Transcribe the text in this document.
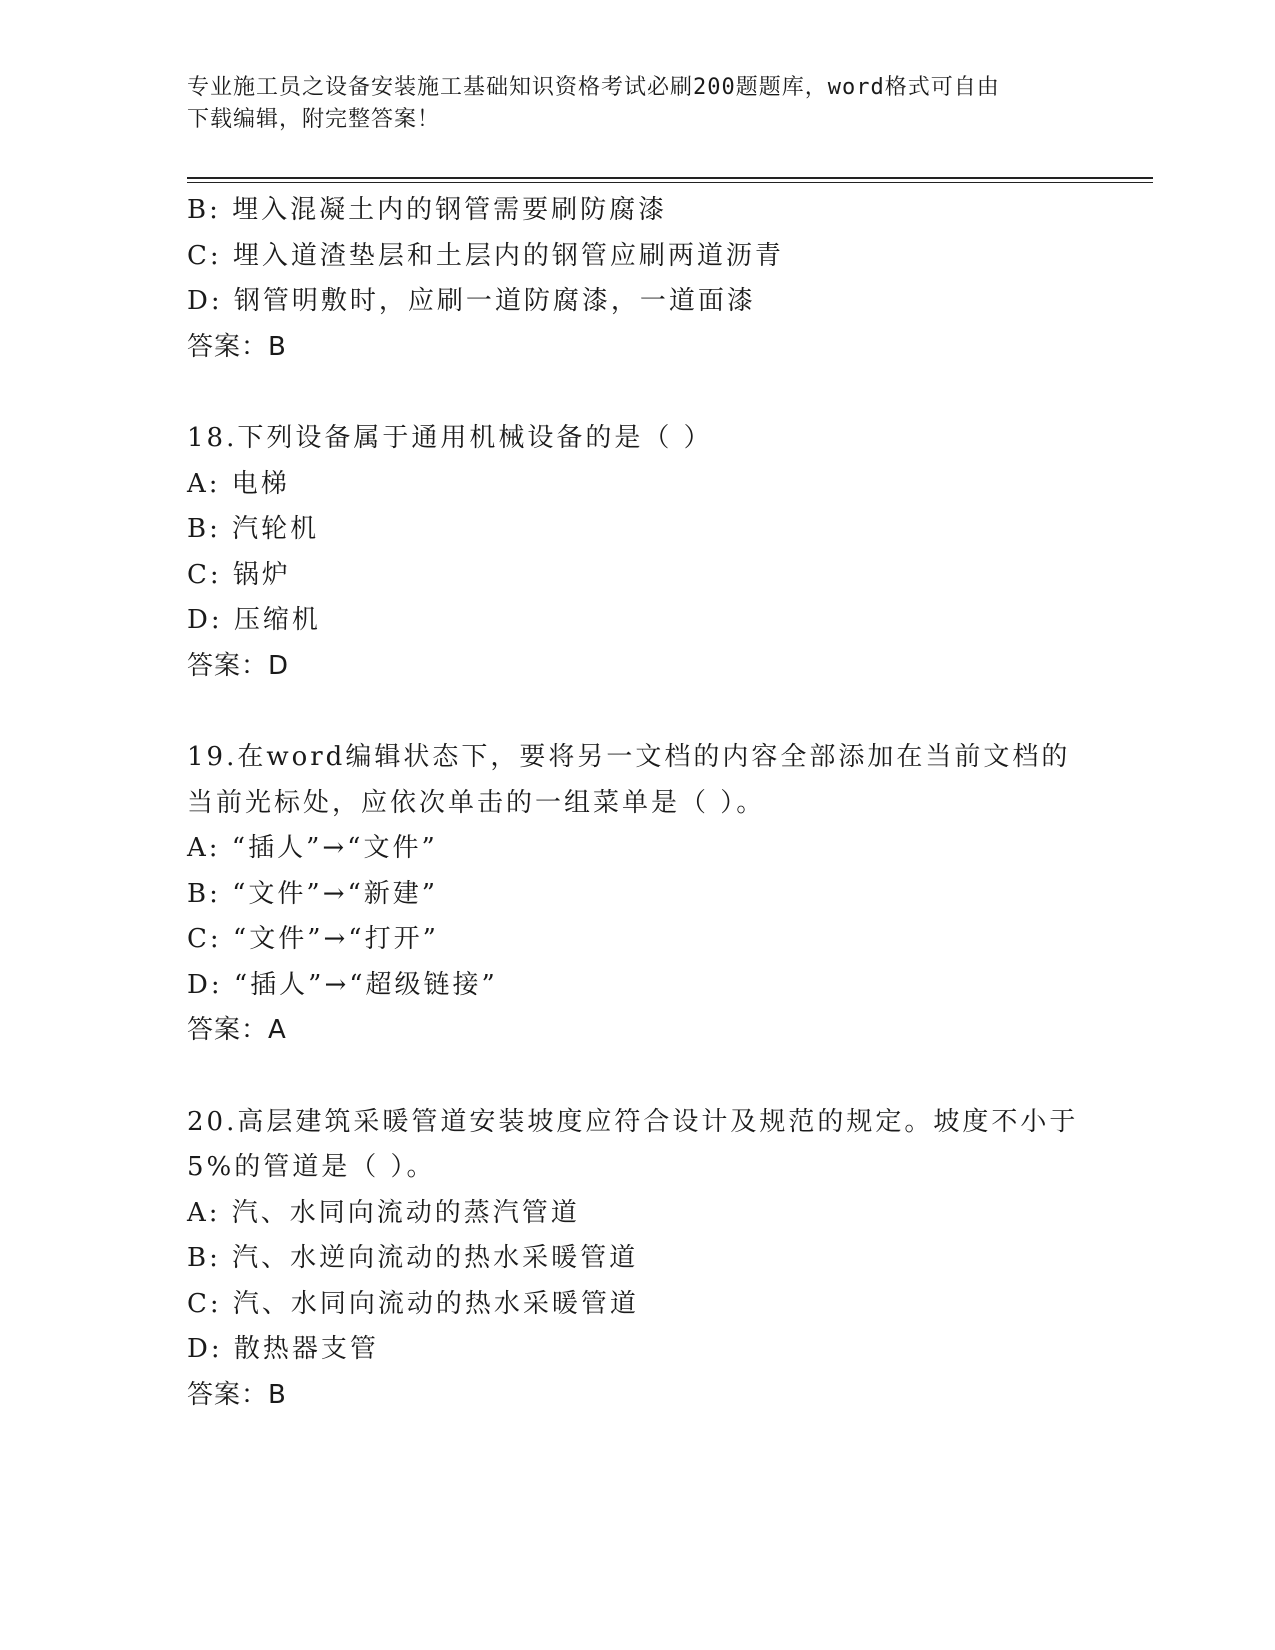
专业施工员之设备安装施工基础知识资格考试必刷200题题库，word格式可自由
下载编辑，附完整答案！
B: 埋入混凝土内的钢管需要刷防腐漆
C: 埋入道渣垫层和土层内的钢管应刷两道沥青
D: 钢管明敷时，应刷一道防腐漆，一道面漆
答案：B
18.下列设备属于通用机械设备的是（ ）
A: 电梯
B: 汽轮机
C: 锅炉
D: 压缩机
答案：D
19.在word编辑状态下，要将另一文档的内容全部添加在当前文档的
当前光标处，应依次单击的一组菜单是（ ）。
A: “插人”→“文件”
B: “文件”→“新建”
C: “文件”→“打开”
D: “插人”→“超级链接”
答案：A
20.高层建筑采暖管道安装坡度应符合设计及规范的规定。坡度不小于
5%的管道是（ ）。
A: 汽、水同向流动的蒸汽管道
B: 汽、水逆向流动的热水采暖管道
C: 汽、水同向流动的热水采暖管道
D: 散热器支管
答案：B
